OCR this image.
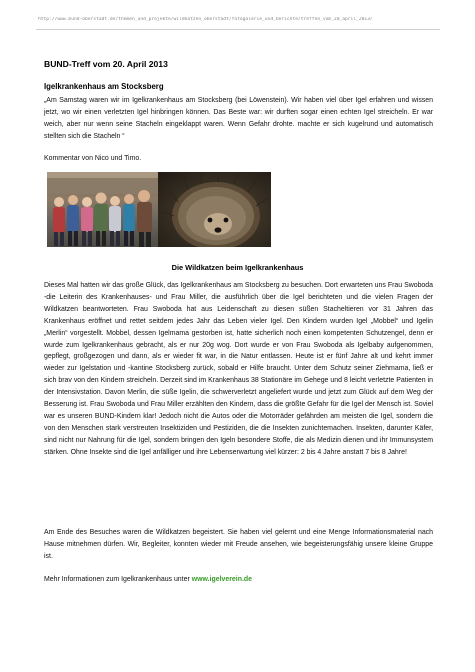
http://www.bund-oberstadt.de/themen_und_projekte/wildkatzen_oberstadt/fotogalerie_und_berichte/treffen_vom_20_april_2013/
BUND-Treff vom 20. April 2013
Igelkrankenhaus am Stocksberg

„Am Samstag waren wir im Igelkrankenhaus am Stocksberg (bei Löwenstein). Wir haben viel über Igel erfahren und wissen jetzt, wo wir einen verletzten Igel hinbringen können. Das Beste war: wir durften sogar einen echten Igel streicheln. Er war weich, aber nur wenn seine Stacheln eingeklappt waren. Wenn Gefahr drohte. machte er sich kugelrund und automatisch stellten sich die Stacheln “

Kommentar von Nico und Timo.

Die Wildkatzen beim Igelkrankenhaus

Dieses Mal hatten wir das große Glück, das Igelkrankenhaus am Stocksberg zu besuchen. Dort erwarteten uns Frau Swoboda -die Leiterin des Krankenhauses- und Frau Miller, die ausführlich über die Igel berichteten und die vielen Fragen der Wildkatzen beantworteten. Frau Swoboda hat aus Leidenschaft zu diesen süßen Stacheltieren vor 31 Jahren das Krankenhaus eröffnet und rettet seitdem jedes Jahr das Leben vieler Igel. Den Kindern wurden Igel „Mobbel“ und Igelin „Merlin“ vorgestellt. Mobbel, dessen Igelmama gestorben ist, hatte sicherlich noch einen kompetenten Schutzengel, denn er wurde zum Igelkrankenhaus gebracht, als er nur 20g wog. Dort wurde er von Frau Swoboda als Igelbaby aufgenommen, gepflegt, großgezogen und dann, als er wieder fit war, in die Natur entlassen. Heute ist er fünf Jahre alt und kehrt immer wieder zur Igelstation und -kantine Stocksberg zurück, sobald er Hilfe braucht. Unter dem Schutz seiner Ziehmama, ließ er sich brav von den Kindern streicheln. Derzeit sind im Krankenhaus 38 Stationäre im Gehege und 8 leicht verletzte Patienten in der Intensivstation. Davon Merlin, die süße Igelin, die schwerverletzt angeliefert wurde und jetzt zum Glück auf dem Weg der Besserung ist. Frau Swoboda und Frau Miller erzählten den Kindern, dass die größte Gefahr für die Igel der Mensch ist. Soviel war es unseren BUND-Kindern klar! Jedoch nicht die Autos oder die Motorräder gefährden am meisten die Igel, sondern die von den Menschen stark verstreuten Insektiziden und Pestiziden, die die Insekten zunichtemachen. Insekten, darunter Käfer, sind nicht nur Nahrung für die Igel, sondern bringen den Igeln besondere Stoffe, die als Medizin dienen und ihr Immunsystem stärken. Ohne Insekte sind die Igel anfälliger und ihre Lebenserwartung viel kürzer: 2 bis 4 Jahre anstatt 7 bis 8 Jahre!

Am Ende des Besuches waren die Wildkatzen begeistert. Sie haben viel gelernt und eine Menge Informationsmaterial nach Hause mitnehmen dürfen. Wir, Begleiter, konnten wieder mit Freude ansehen, wie begeisterungsfähig unsere kleine Gruppe ist.

Mehr Informationen zum Igelkrankenhaus unter www.igelverein.de
